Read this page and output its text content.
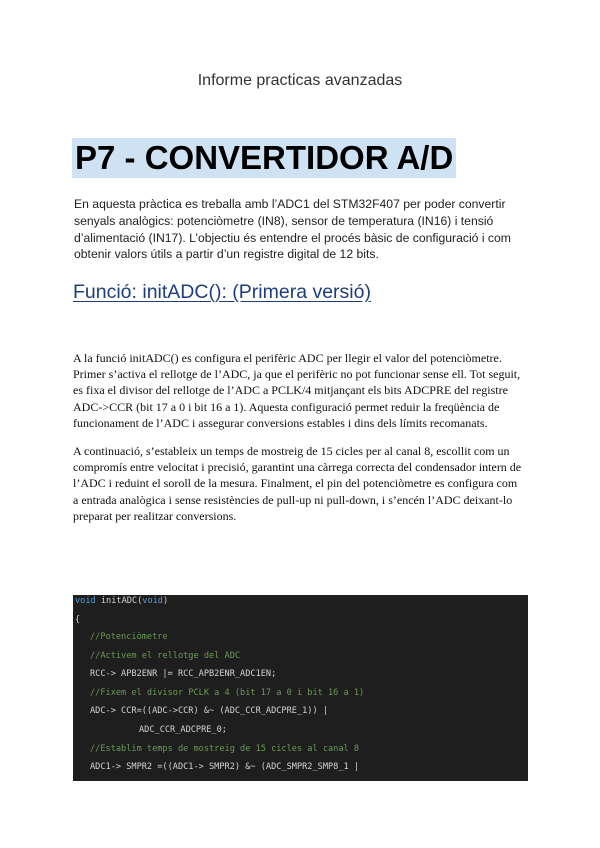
Informe practicas avanzadas
P7 - CONVERTIDOR A/D
En aquesta pràctica es treballa amb l’ADC1 del STM32F407 per poder convertir
senyals analògics: potenciòmetre (IN8), sensor de temperatura (IN16) i tensió
d’alimentació (IN17). L’objectiu és entendre el procés bàsic de configuració i com
obtenir valors útils a partir d’un registre digital de 12 bits.
Funció: initADC(): (Primera versió)
A la funció initADC() es configura el perifèric ADC per llegir el valor del potenciòmetre.
Primer s’activa el rellotge de l’ADC, ja que el perifèric no pot funcionar sense ell. Tot seguit,
es fixa el divisor del rellotge de l’ADC a PCLK/4 mitjançant els bits ADCPRE del registre
ADC->CCR (bit 17 a 0 i bit 16 a 1). Aquesta configuració permet reduir la freqüència de
funcionament de l’ADC i assegurar conversions estables i dins dels límits recomanats.
A continuació, s’estableix un temps de mostreig de 15 cicles per al canal 8, escollit com un
compromís entre velocitat i precisió, garantint una càrrega correcta del condensador intern de
l’ADC i reduint el soroll de la mesura. Finalment, el pin del potenciòmetre es configura com
a entrada analògica i sense resistències de pull-up ni pull-down, i s’encén l’ADC deixant-lo
preparat per realitzar conversions.
void initADC(void)
{
//Potenciòmetre
//Activem el rellotge del ADC
RCC-> APB2ENR |= RCC_APB2ENR_ADC1EN;
//Fixem el divisor PCLK a 4 (bit 17 a 0 i bit 16 a 1)
ADC-> CCR=((ADC->CCR) &~ (ADC_CCR_ADCPRE_1)) |
ADC_CCR_ADCPRE_0;
//Establim temps de mostreig de 15 cicles al canal 8
ADC1-> SMPR2 =((ADC1-> SMPR2) &~ (ADC_SMPR2_SMP8_1 |
